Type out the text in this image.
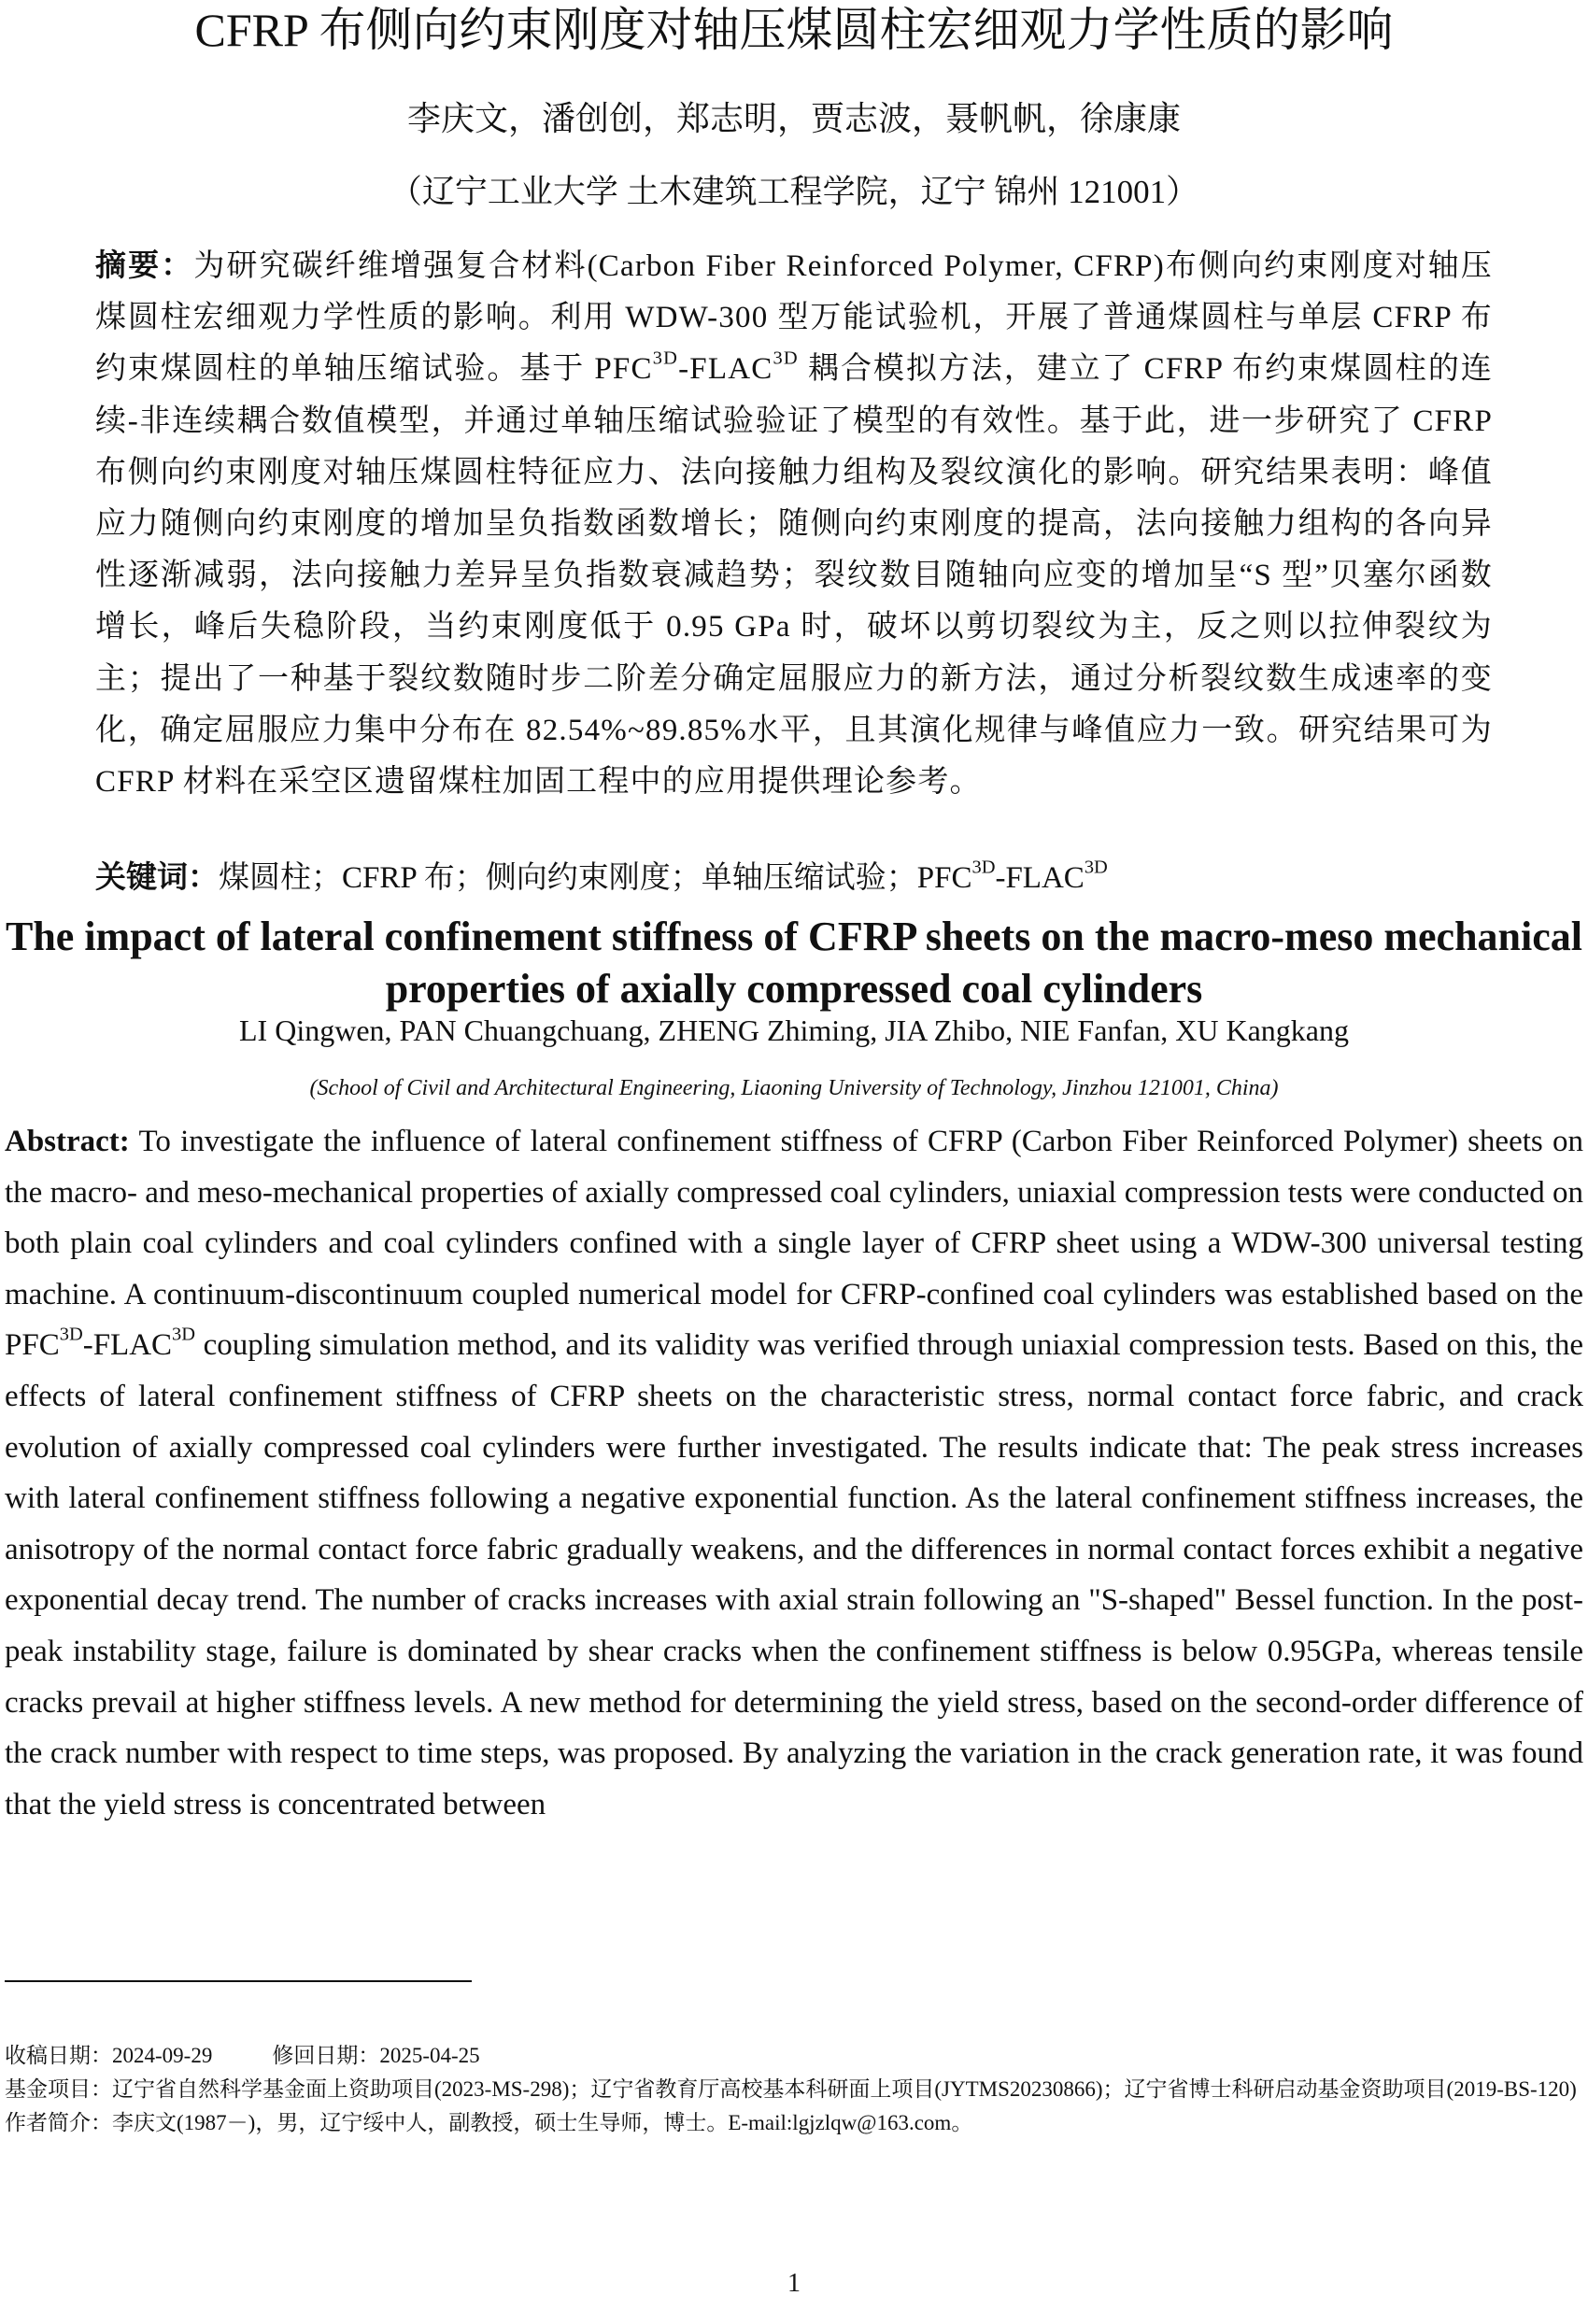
CFRP 布侧向约束刚度对轴压煤圆柱宏细观力学性质的影响
李庆文，潘创创，郑志明，贾志波，聂帆帆，徐康康
（辽宁工业大学 土木建筑工程学院，辽宁 锦州 121001）
摘要：为研究碳纤维增强复合材料(Carbon Fiber Reinforced Polymer, CFRP)布侧向约束刚度对轴压煤圆柱宏细观力学性质的影响。利用 WDW-300 型万能试验机，开展了普通煤圆柱与单层 CFRP 布约束煤圆柱的单轴压缩试验。基于 $PFC^{3D}-FLAC^{3D}$ 耦合模拟方法，建立了 CFRP 布约束煤圆柱的连续-非连续耦合数值模型，并通过单轴压缩试验验证了模型的有效性。基于此，进一步研究了 CFRP 布侧向约束刚度对轴压煤圆柱特征应力、法向接触力组构及裂纹演化的影响。研究结果表明：峰值应力随侧向约束刚度的增加呈负指数函数增长；随侧向约束刚度的提高，法向接触力组构的各向异性逐渐减弱，法向接触力差异呈负指数衰减趋势；裂纹数目随轴向应变的增加呈“S 型”贝塞尔函数增长，峰后失稳阶段，当约束刚度低于 0.95 GPa 时，破坏以剪切裂纹为主，反之则以拉伸裂纹为主；提出了一种基于裂纹数随时步二阶差分确定屈服应力的新方法，通过分析裂纹数生成速率的变化，确定屈服应力集中分布在 82.54%~89.85%水平，且其演化规律与峰值应力一致。研究结果可为 CFRP 材料在采空区遗留煤柱加固工程中的应用提供理论参考。
关键词：煤圆柱；CFRP 布；侧向约束刚度；单轴压缩试验；$PFC^{3D}-FLAC^{3D}$
The impact of lateral confinement stiffness of CFRP sheets on the macro-meso mechanical properties of axially compressed coal cylinders
LI Qingwen, PAN Chuangchuang, ZHENG Zhiming, JIA Zhibo, NIE Fanfan, XU Kangkang
(School of Civil and Architectural Engineering, Liaoning University of Technology, Jinzhou 121001, China)
Abstract: To investigate the influence of lateral confinement stiffness of CFRP (Carbon Fiber Reinforced Polymer) sheets on the macro- and meso-mechanical properties of axially compressed coal cylinders, uniaxial compression tests were conducted on both plain coal cylinders and coal cylinders confined with a single layer of CFRP sheet using a WDW-300 universal testing machine. A continuum-discontinuum coupled numerical model for CFRP-confined coal cylinders was established based on the $PFC^{3D}-FLAC^{3D}$ coupling simulation method, and its validity was verified through uniaxial compression tests. Based on this, the effects of lateral confinement stiffness of CFRP sheets on the characteristic stress, normal contact force fabric, and crack evolution of axially compressed coal cylinders were further investigated. The results indicate that: The peak stress increases with lateral confinement stiffness following a negative exponential function. As the lateral confinement stiffness increases, the anisotropy of the normal contact force fabric gradually weakens, and the differences in normal contact forces exhibit a negative exponential decay trend. The number of cracks increases with axial strain following an "S-shaped" Bessel function. In the post-peak instability stage, failure is dominated by shear cracks when the confinement stiffness is below 0.95GPa, whereas tensile cracks prevail at higher stiffness levels. A new method for determining the yield stress, based on the second-order difference of the crack number with respect to time steps, was proposed. By analyzing the variation in the crack generation rate, it was found that the yield stress is concentrated between
收稿日期：2024-09-29	修回日期：2025-04-25
基金项目： 辽宁省自然科学基金面上资助项目(2023-MS-298)；辽宁省教育厅高校基本科研面上项目(JYTMS20230866)；辽宁省博士科研启动基金资助项目(2019-BS-120)
作者简介： 李庆文(1987－)，男，辽宁绥中人，副教授，硕士生导师，博士。E-mail:lgjzlqw@163.com。
1
